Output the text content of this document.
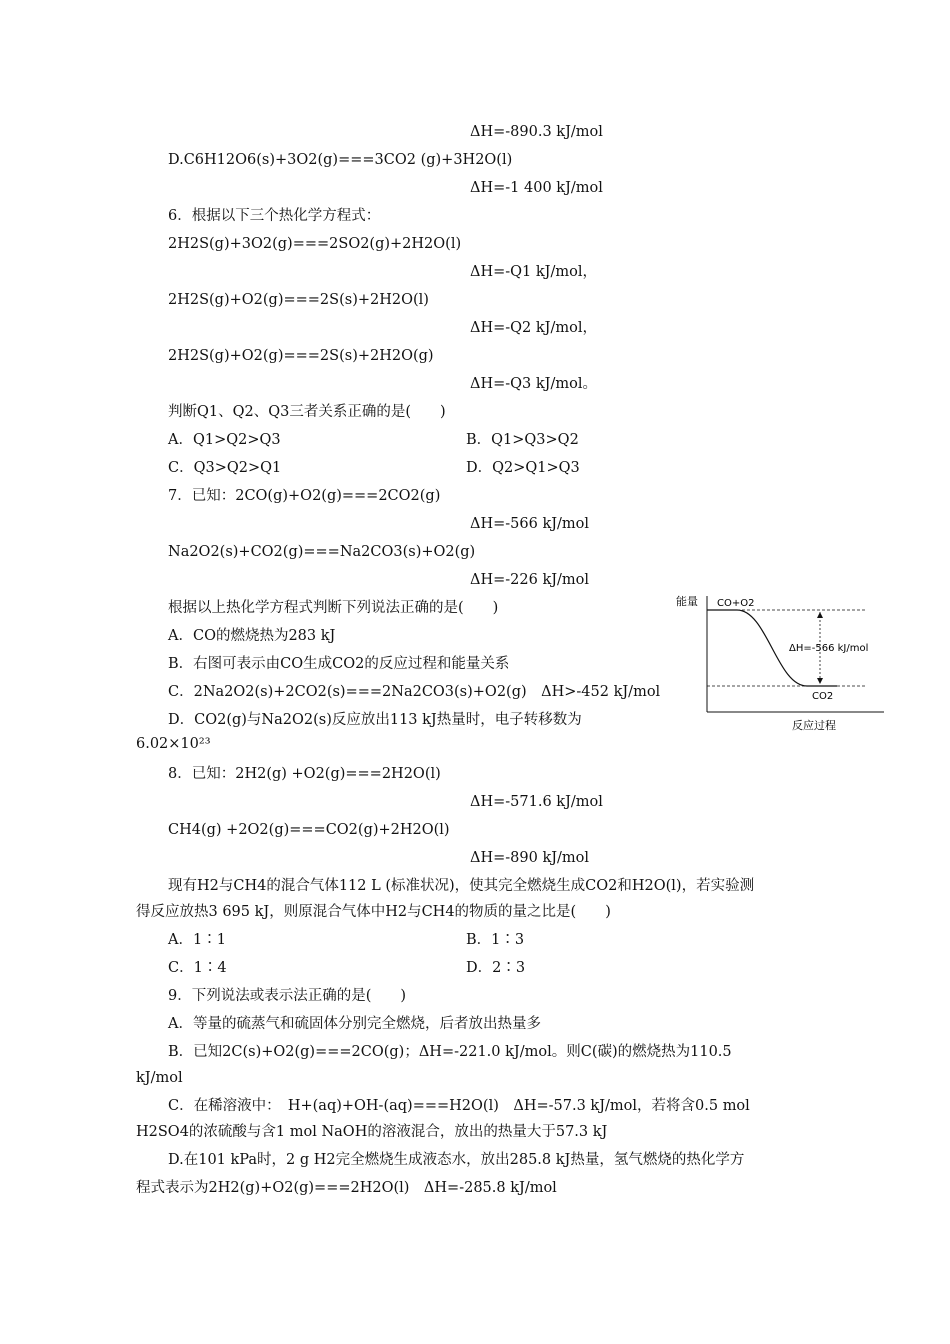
ΔH=-890.3 kJ/mol
D.C6H12O6(s)+3O2(g)===3CO2 (g)+3H2O(l)
ΔH=-1 400 kJ/mol
6．根据以下三个热化学方程式：
2H2S(g)+3O2(g)===2SO2(g)+2H2O(l)
ΔH=-Q1 kJ/mol，
2H2S(g)+O2(g)===2S(s)+2H2O(l)
ΔH=-Q2 kJ/mol，
2H2S(g)+O2(g)===2S(s)+2H2O(g)
ΔH=-Q3 kJ/mol。
判断Q1、Q2、Q3三者关系正确的是(　　)
A．Q1>Q2>Q3	B．Q1>Q3>Q2
C．Q3>Q2>Q1	D．Q2>Q1>Q3
7．已知：2CO(g)+O2(g)===2CO2(g)
ΔH=-566 kJ/mol
Na2O2(s)+CO2(g)===Na2CO3(s)+O2(g)
ΔH=-226 kJ/mol
根据以上热化学方程式判断下列说法正确的是(　　)
A．CO的燃烧热为283 kJ
B．右图可表示由CO生成CO2的反应过程和能量关系
C．2Na2O2(s)+2CO2(s)===2Na2CO3(s)+O2(g)　ΔH>-452 kJ/mol
D．CO2(g)与Na2O2(s)反应放出113 kJ热量时，电子转移数为
6.02×10²³
能量 CO+O2
CO2
ΔH=-566 kJ/mol
反应过程
8．已知：2H2(g) +O2(g)===2H2O(l)
ΔH=-571.6 kJ/mol
CH4(g) +2O2(g)===CO2(g)+2H2O(l)
ΔH=-890 kJ/mol
现有H2与CH4的混合气体112 L (标准状况)，使其完全燃烧生成CO2和H2O(l)，若实验测
得反应放热3 695 kJ，则原混合气体中H2与CH4的物质的量之比是(　　)
A．1∶1	B．1∶3
C．1∶4	D．2∶3
9．下列说法或表示法正确的是(　　)
A．等量的硫蒸气和硫固体分别完全燃烧，后者放出热量多
B．已知2C(s)+O2(g)===2CO(g)；ΔH=-221.0 kJ/mol。则C(碳)的燃烧热为110.5
kJ/mol
C．在稀溶液中：　H+(aq)+OH-(aq)===H2O(l)　ΔH=-57.3 kJ/mol，若将含0.5 mol
H2SO4的浓硫酸与含1 mol NaOH的溶液混合，放出的热量大于57.3 kJ
D.在101 kPa时，2 g H2完全燃烧生成液态水，放出285.8 kJ热量，氢气燃烧的热化学方
程式表示为2H2(g)+O2(g)===2H2O(l)　ΔH=-285.8 kJ/mol
